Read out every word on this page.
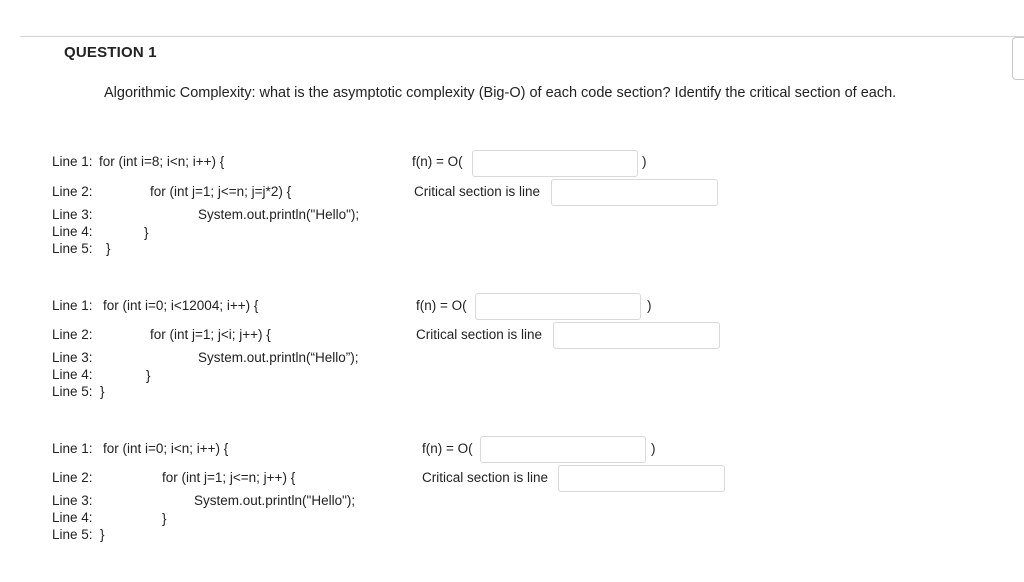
QUESTION 1
Algorithmic Complexity: what is the asymptotic complexity (Big-O) of each code section? Identify the critical section of each.
Line 1: for (int i=8; i<n; i++) {
Line 2:	for (int j=1; j<=n; j=j*2) {
Line 3:	System.out.println("Hello");
Line 4:	}
Line 5: }
f(n) = O(	)
Critical section is line
Line 1: for (int i=0; i<12004; i++) {
Line 2:	for (int j=1; j<i; j++) {
Line 3:	System.out.println(“Hello”);
Line 4:	}
Line 5: }
f(n) = O(	)
Critical section is line
Line 1: for (int i=0; i<n; i++) {
Line 2:	for (int j=1; j<=n; j++) {
Line 3:	System.out.println("Hello");
Line 4:	}
Line 5: }
f(n) = O(	)
Critical section is line
